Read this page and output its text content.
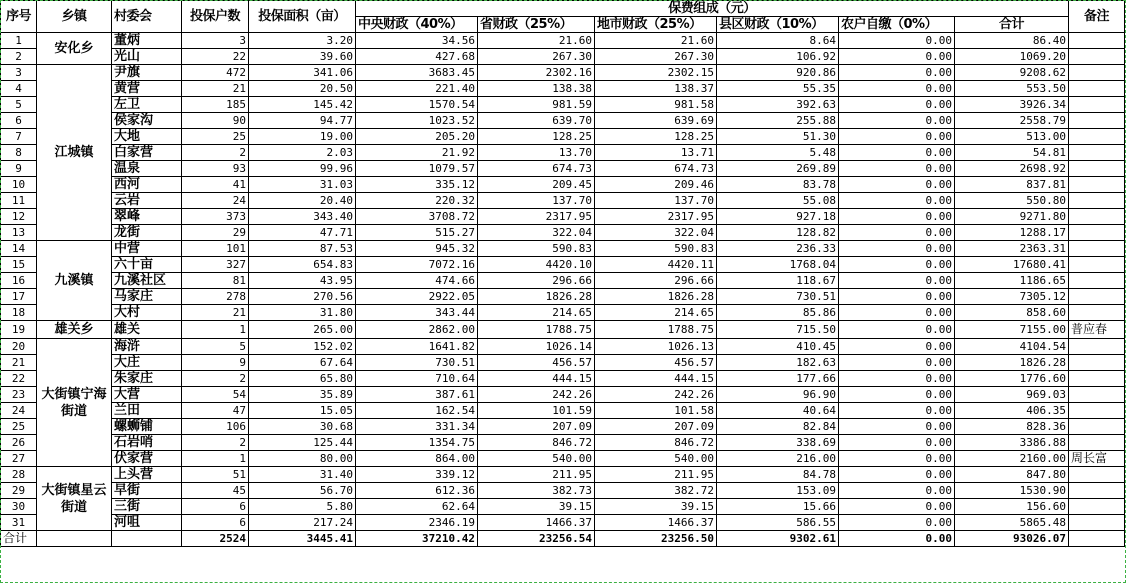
序号	乡镇	村委会	投保户数	投保面积（亩）	保费组成（元）						备注
					中央财政（40%）	省财政（25%）	地市财政（25%）	县区财政（10%）	农户自缴（0%）	合计	
1	安化乡	董炳	3	3.20	34.56	21.60	21.60	8.64	0.00	86.40	
2		光山	22	39.60	427.68	267.30	267.30	106.92	0.00	1069.20	
3	江城镇	尹旗	472	341.06	3683.45	2302.16	2302.15	920.86	0.00	9208.62	
4		黄营	21	20.50	221.40	138.38	138.37	55.35	0.00	553.50	
5		左卫	185	145.42	1570.54	981.59	981.58	392.63	0.00	3926.34	
6		侯家沟	90	94.77	1023.52	639.70	639.69	255.88	0.00	2558.79	
7		大地	25	19.00	205.20	128.25	128.25	51.30	0.00	513.00	
8		白家营	2	2.03	21.92	13.70	13.71	5.48	0.00	54.81	
9		温泉	93	99.96	1079.57	674.73	674.73	269.89	0.00	2698.92	
10		西河	41	31.03	335.12	209.45	209.46	83.78	0.00	837.81	
11		云岩	24	20.40	220.32	137.70	137.70	55.08	0.00	550.80	
12		翠峰	373	343.40	3708.72	2317.95	2317.95	927.18	0.00	9271.80	
13		龙街	29	47.71	515.27	322.04	322.04	128.82	0.00	1288.17	
14	九溪镇	中营	101	87.53	945.32	590.83	590.83	236.33	0.00	2363.31	
15		六十亩	327	654.83	7072.16	4420.10	4420.11	1768.04	0.00	17680.41	
16		九溪社区	81	43.95	474.66	296.66	296.66	118.67	0.00	1186.65	
17		马家庄	278	270.56	2922.05	1826.28	1826.28	730.51	0.00	7305.12	
18		大村	21	31.80	343.44	214.65	214.65	85.86	0.00	858.60	
19	雄关乡	雄关	1	265.00	2862.00	1788.75	1788.75	715.50	0.00	7155.00	普应春
20	大街镇宁海街道	海浒	5	152.02	1641.82	1026.14	1026.13	410.45	0.00	4104.54	
21		大庄	9	67.64	730.51	456.57	456.57	182.63	0.00	1826.28	
22		朱家庄	2	65.80	710.64	444.15	444.15	177.66	0.00	1776.60	
23		大营	54	35.89	387.61	242.26	242.26	96.90	0.00	969.03	
24		兰田	47	15.05	162.54	101.59	101.58	40.64	0.00	406.35	
25		螺蛳铺	106	30.68	331.34	207.09	207.09	82.84	0.00	828.36	
26		石岩哨	2	125.44	1354.75	846.72	846.72	338.69	0.00	3386.88	
27		伏家营	1	80.00	864.00	540.00	540.00	216.00	0.00	2160.00	周长富
28	大街镇星云街道	上头营	51	31.40	339.12	211.95	211.95	84.78	0.00	847.80	
29		早街	45	56.70	612.36	382.73	382.72	153.09	0.00	1530.90	
30		三街	6	5.80	62.64	39.15	39.15	15.66	0.00	156.60	
31		河咀	6	217.24	2346.19	1466.37	1466.37	586.55	0.00	5865.48	
合计			2524	3445.41	37210.42	23256.54	23256.50	9302.61	0.00	93026.07	
